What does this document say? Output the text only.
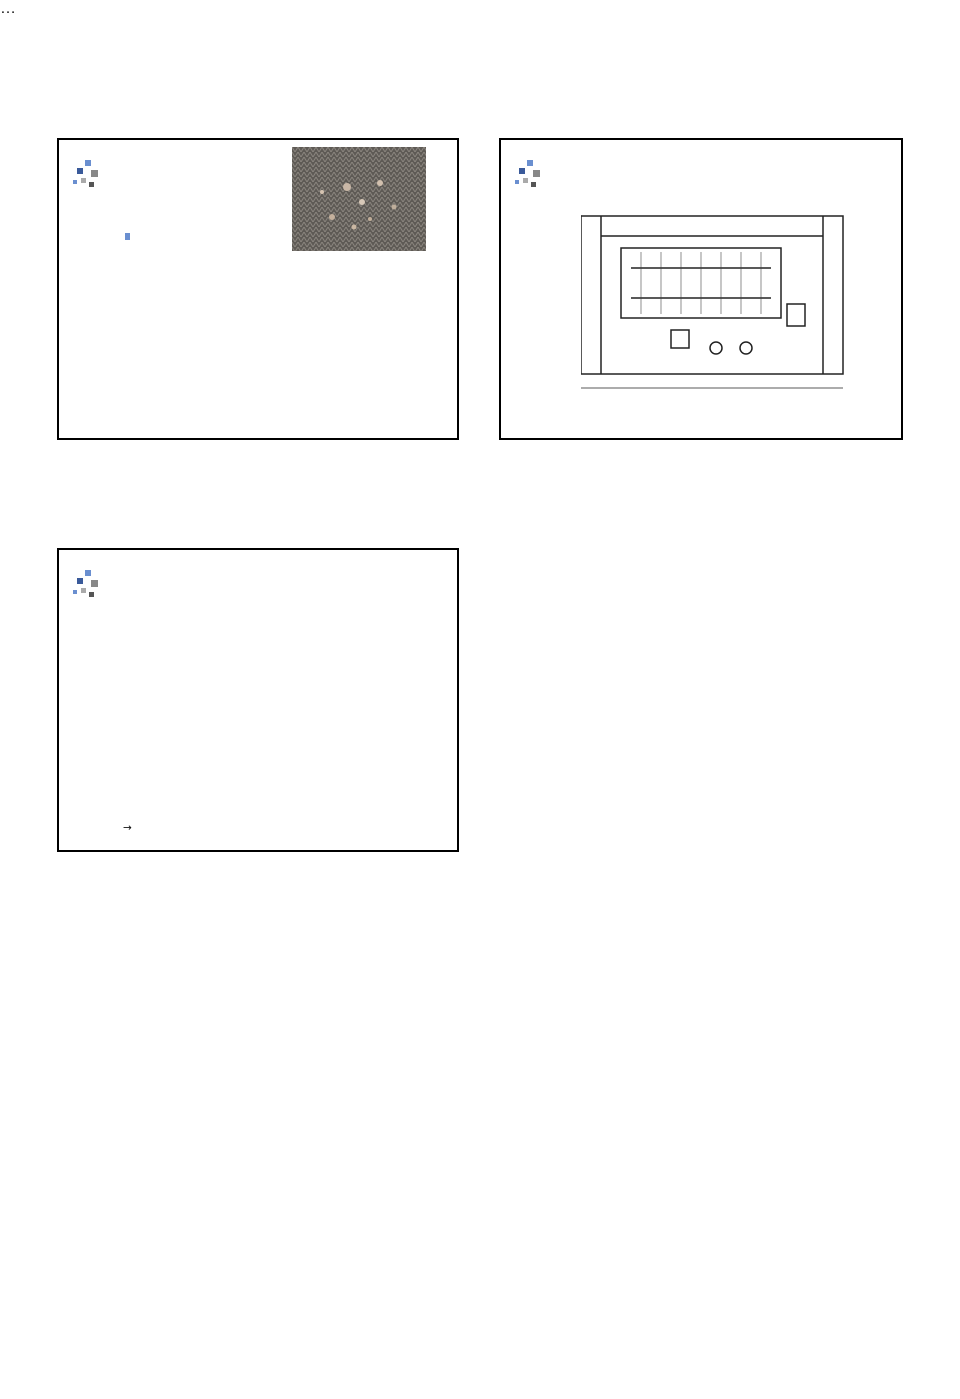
→
…
